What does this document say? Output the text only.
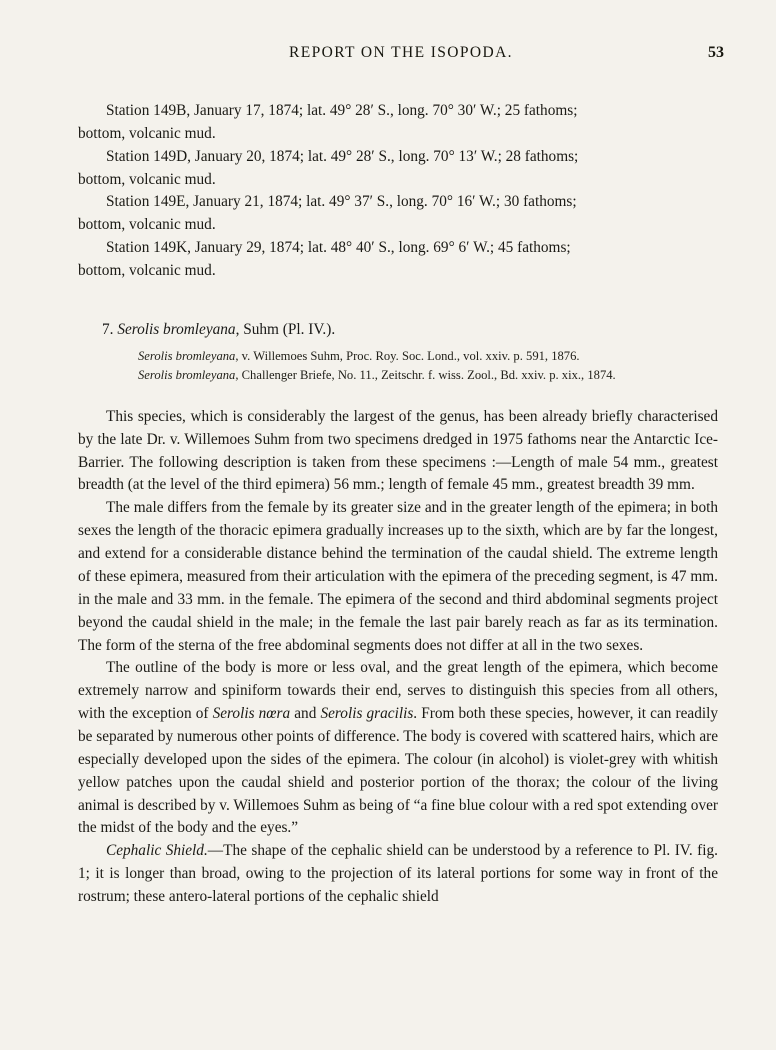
REPORT ON THE ISOPODA.	53

Station 149B, January 17, 1874; lat. 49° 28′ S., long. 70° 30′ W.; 25 fathoms;

bottom, volcanic mud.

Station 149D, January 20, 1874; lat. 49° 28′ S., long. 70° 13′ W.; 28 fathoms;

bottom, volcanic mud.

Station 149E, January 21, 1874; lat. 49° 37′ S., long. 70° 16′ W.; 30 fathoms;

bottom, volcanic mud.

Station 149K, January 29, 1874; lat. 48° 40′ S., long. 69° 6′ W.; 45 fathoms;

bottom, volcanic mud.

7. Serolis bromleyana, Suhm (Pl. IV.).

Serolis bromleyana, v. Willemoes Suhm, Proc. Roy. Soc. Lond., vol. xxiv. p. 591, 1876.

Serolis bromleyana, Challenger Briefe, No. 11., Zeitschr. f. wiss. Zool., Bd. xxiv. p. xix., 1874.

This species, which is considerably the largest of the genus, has been already briefly characterised by the late Dr. v. Willemoes Suhm from two specimens dredged in 1975 fathoms near the Antarctic Ice-Barrier. The following description is taken from these specimens :—Length of male 54 mm., greatest breadth (at the level of the third epimera) 56 mm.; length of female 45 mm., greatest breadth 39 mm.

The male differs from the female by its greater size and in the greater length of the epimera; in both sexes the length of the thoracic epimera gradually increases up to the sixth, which are by far the longest, and extend for a considerable distance behind the termination of the caudal shield. The extreme length of these epimera, measured from their articulation with the epimera of the preceding segment, is 47 mm. in the male and 33 mm. in the female. The epimera of the second and third abdominal segments project beyond the caudal shield in the male; in the female the last pair barely reach as far as its termination. The form of the sterna of the free abdominal segments does not differ at all in the two sexes.

The outline of the body is more or less oval, and the great length of the epimera, which become extremely narrow and spiniform towards their end, serves to distinguish this species from all others, with the exception of Serolis nœra and Serolis gracilis. From both these species, however, it can readily be separated by numerous other points of difference. The body is covered with scattered hairs, which are especially developed upon the sides of the epimera. The colour (in alcohol) is violet-grey with whitish yellow patches upon the caudal shield and posterior portion of the thorax; the colour of the living animal is described by v. Willemoes Suhm as being of “a fine blue colour with a red spot extending over the midst of the body and the eyes.”

Cephalic Shield.—The shape of the cephalic shield can be understood by a reference to Pl. IV. fig. 1; it is longer than broad, owing to the projection of its lateral portions for some way in front of the rostrum; these antero-lateral portions of the cephalic shield
